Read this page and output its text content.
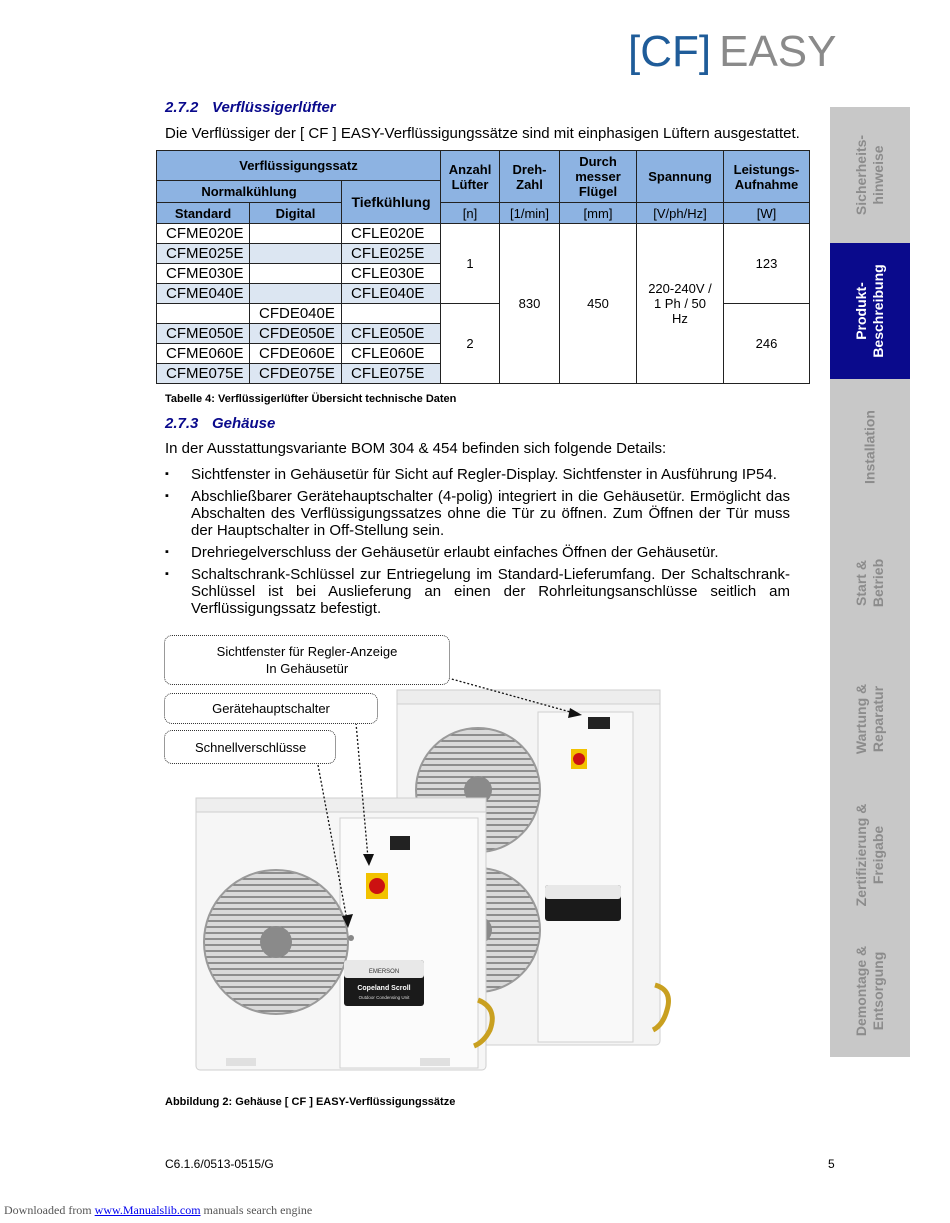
[CF] EASY
2.7.2 Verflüssigerlüfter
Die Verflüssiger der [ CF ] EASY-Verflüssigungssätze sind mit einphasigen Lüftern ausgestattet.
Verflüssigungssatz			Anzahl Lüfter	Dreh-Zahl	Durch messer Flügel	Spannung	Leistungs-Aufnahme
Normalkühlung		Tiefkühlung					
Standard	Digital		[n]	[1/min]	[mm]	[V/ph/Hz]	[W]
CFME020E		CFLE020E	1	830	450	220-240V / 1 Ph / 50 Hz	123
CFME025E		CFLE025E					
CFME030E		CFLE030E					
CFME040E		CFLE040E					
	CFDE040E		2				246
CFME050E	CFDE050E	CFLE050E					
CFME060E	CFDE060E	CFLE060E					
CFME075E	CFDE075E	CFLE075E					
Tabelle 4: Verflüssigerlüfter Übersicht technische Daten
2.7.3 Gehäuse
In der Ausstattungsvariante BOM 304 & 454 befinden sich folgende Details:
▪ Sichtfenster in Gehäusetür für Sicht auf Regler-Display. Sichtfenster in Ausführung IP54.
▪ Abschließbarer Gerätehauptschalter (4-polig) integriert in die Gehäusetür. Ermöglicht das Abschalten des Verflüssigungssatzes ohne die Tür zu öffnen. Zum Öffnen der Tür muss der Hauptschalter in Off-Stellung sein.
▪ Drehriegelverschluss der Gehäusetür erlaubt einfaches Öffnen der Gehäusetür.
▪ Schaltschrank-Schlüssel zur Entriegelung im Standard-Lieferumfang. Der Schaltschrank-Schlüssel ist bei Auslieferung an einen der Rohrleitungsanschlüsse seitlich am Verflüssigungssatz befestigt.
EMERSON
Copeland Scroll
Outdoor Condensing Unit
Sichtfenster für Regler-Anzeige
In Gehäusetür
Gerätehauptschalter
Schnellverschlüsse
Abbildung 2: Gehäuse [ CF ] EASY-Verflüssigungssätze
Sicherheits-
hinweise
Produkt-
Beschreibung
Installation
Start &
Betrieb
Wartung &
Reparatur
Zertifizierung &
Freigabe
Demontage &
Entsorgung
C6.1.6/0513-0515/G	5
Downloaded from www.Manualslib.com manuals search engine
